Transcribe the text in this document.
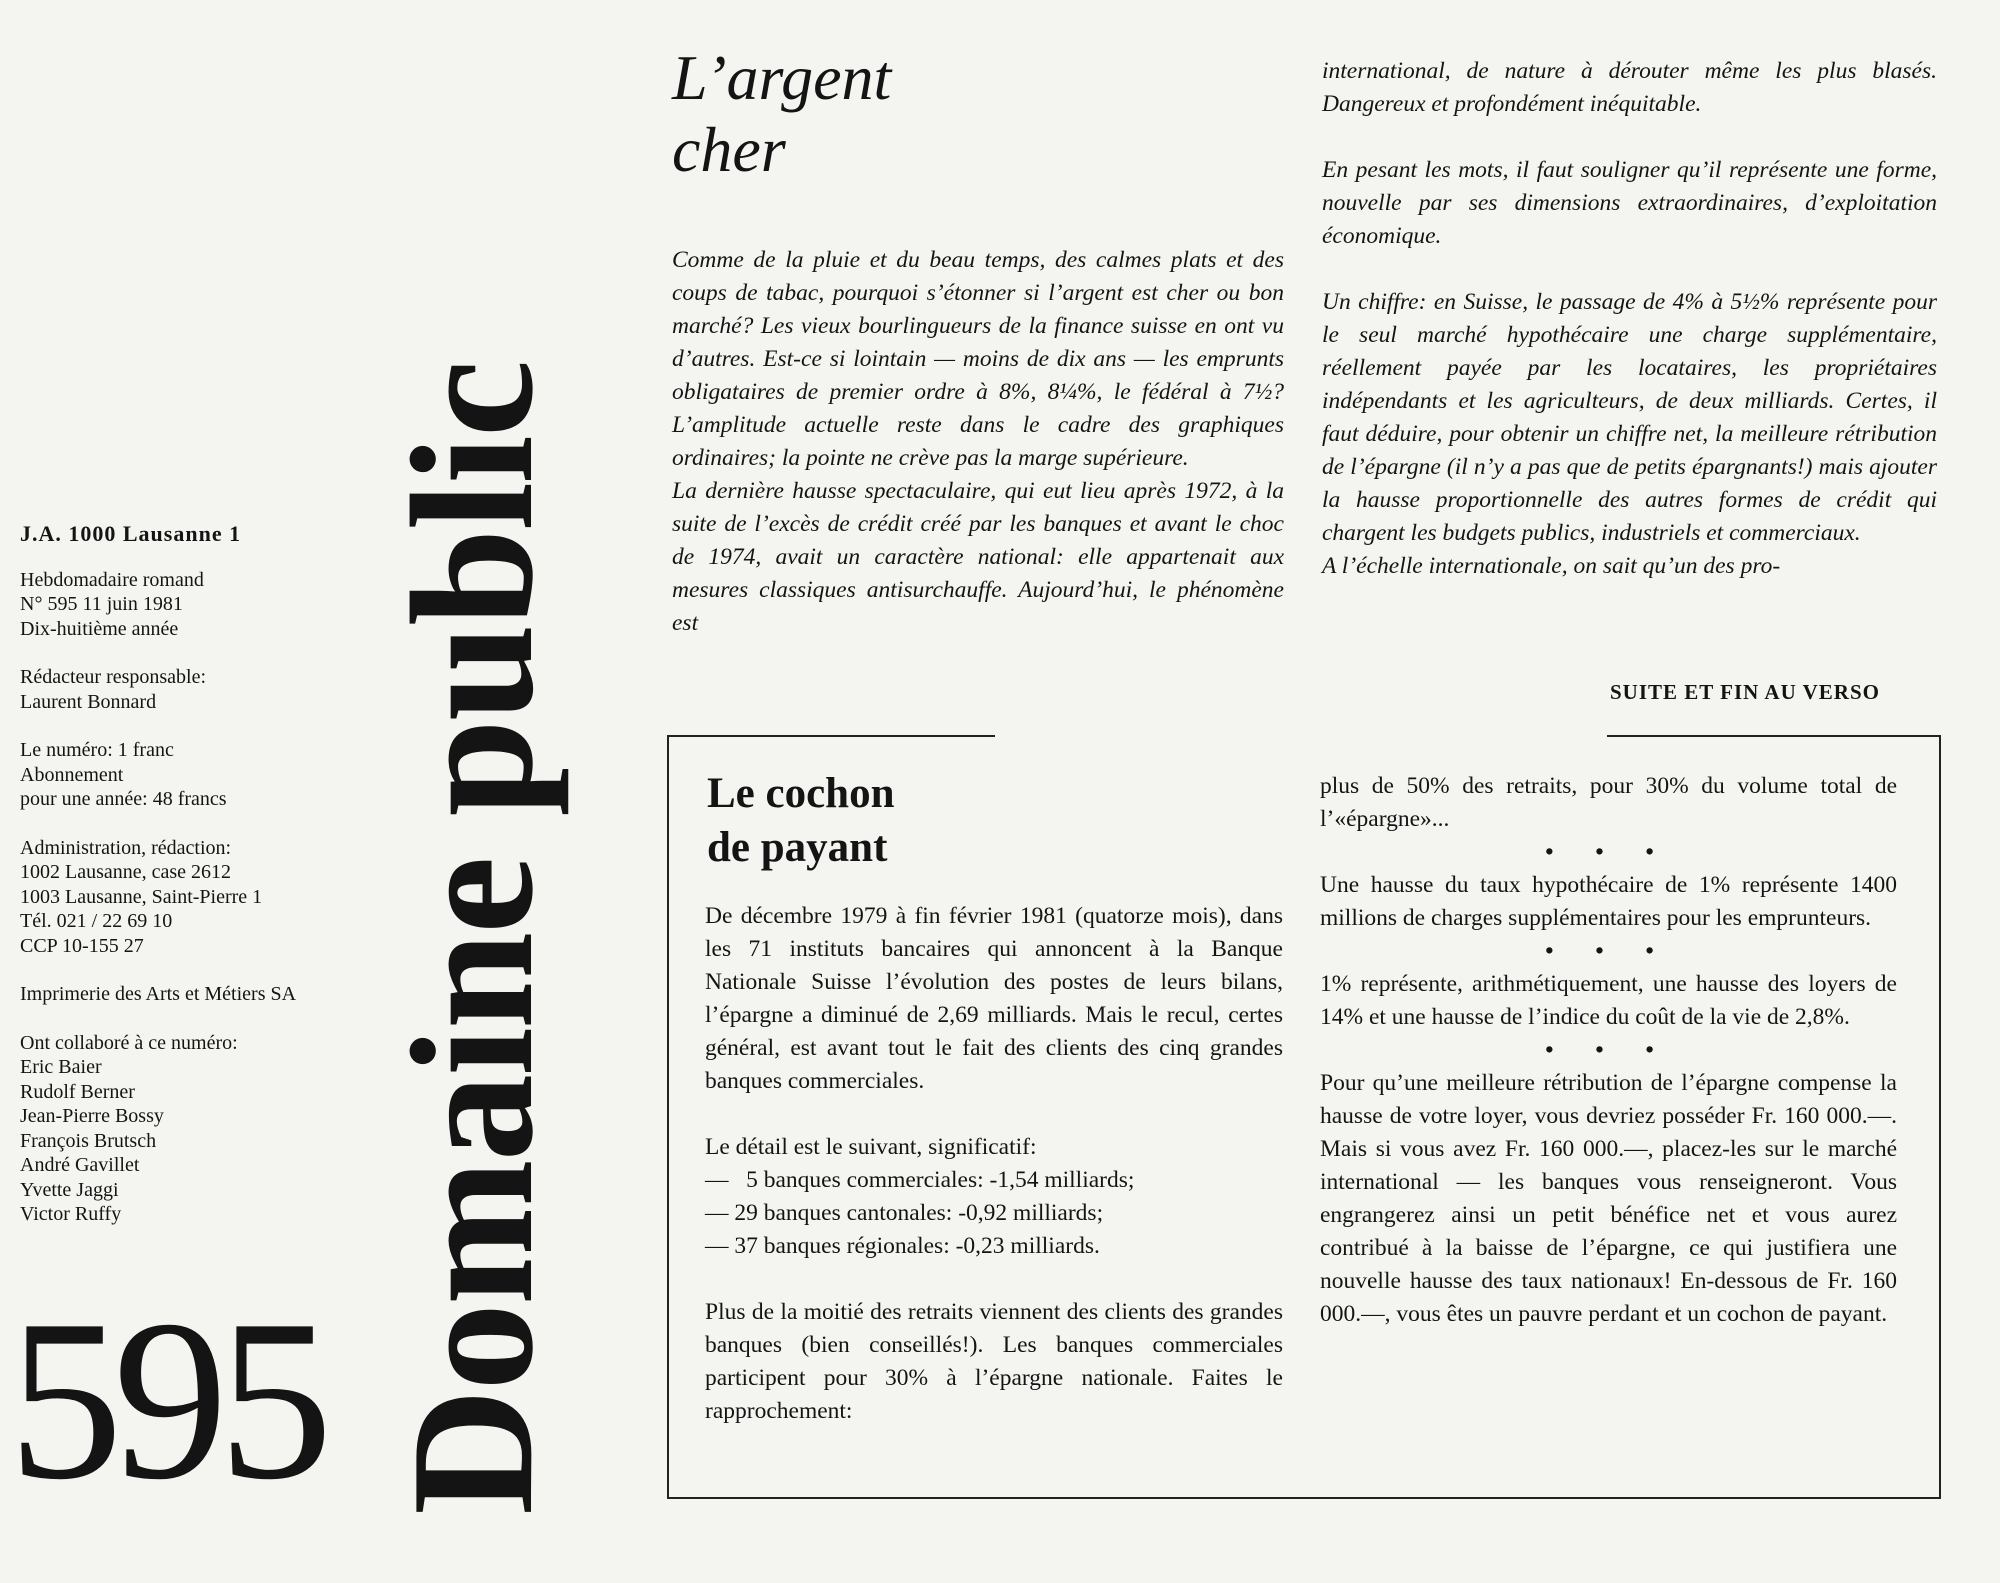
J.A. 1000 Lausanne 1

Hebdomadaire romand
N° 595 11 juin 1981
Dix-huitième année

Rédacteur responsable:
Laurent Bonnard

Le numéro: 1 franc
Abonnement
pour une année: 48 francs

Administration, rédaction:
1002 Lausanne, case 2612
1003 Lausanne, Saint-Pierre 1
Tél. 021 / 22 69 10
CCP 10-155 27

Imprimerie des Arts et Métiers SA

Ont collaboré à ce numéro:
Eric Baier
Rudolf Berner
Jean-Pierre Bossy
François Brutsch
André Gavillet
Yvette Jaggi
Victor Ruffy

595 Domaine public
L’argent
cher

Comme de la pluie et du beau temps, des calmes plats et des coups de tabac, pourquoi s’étonner si l’argent est cher ou bon marché? Les vieux bourlingueurs de la finance suisse en ont vu d’autres. Est-ce si lointain — moins de dix ans — les emprunts obligataires de premier ordre à 8%, 8¼%, le fédéral à 7½? L’amplitude actuelle reste dans le cadre des graphiques ordinaires; la pointe ne crève pas la marge supérieure.

La dernière hausse spectaculaire, qui eut lieu après 1972, à la suite de l’excès de crédit créé par les banques et avant le choc de 1974, avait un caractère national: elle appartenait aux mesures classiques antisurchauffe. Aujourd’hui, le phénomène est

international, de nature à dérouter même les plus blasés. Dangereux et profondément inéquitable.

En pesant les mots, il faut souligner qu’il représente une forme, nouvelle par ses dimensions extraordinaires, d’exploitation économique.

Un chiffre: en Suisse, le passage de 4% à 5½% représente pour le seul marché hypothécaire une charge supplémentaire, réellement payée par les locataires, les propriétaires indépendants et les agriculteurs, de deux milliards. Certes, il faut déduire, pour obtenir un chiffre net, la meilleure rétribution de l’épargne (il n’y a pas que de petits épargnants!) mais ajouter la hausse proportionnelle des autres formes de crédit qui chargent les budgets publics, industriels et commerciaux.

A l’échelle internationale, on sait qu’un des pro-

SUITE ET FIN AU VERSO
Le cochon
de payant

De décembre 1979 à fin février 1981 (quatorze mois), dans les 71 instituts bancaires qui annoncent à la Banque Nationale Suisse l’évolution des postes de leurs bilans, l’épargne a diminué de 2,69 milliards. Mais le recul, certes général, est avant tout le fait des clients des cinq grandes banques commerciales.

Le détail est le suivant, significatif:
—   5 banques commerciales: -1,54 milliards;
— 29 banques cantonales: -0,92 milliards;
— 37 banques régionales: -0,23 milliards.

Plus de la moitié des retraits viennent des clients des grandes banques (bien conseillés!). Les banques commerciales participent pour 30% à l’épargne nationale. Faites le rapprochement:

plus de 50% des retraits, pour 30% du volume total de l’«épargne»...

• • •

Une hausse du taux hypothécaire de 1% représente 1400 millions de charges supplémentaires pour les emprunteurs.

• • •

1% représente, arithmétiquement, une hausse des loyers de 14% et une hausse de l’indice du coût de la vie de 2,8%.

• • •

Pour qu’une meilleure rétribution de l’épargne compense la hausse de votre loyer, vous devriez posséder Fr. 160 000.—. Mais si vous avez Fr. 160 000.—, placez-les sur le marché international — les banques vous renseigneront. Vous engrangerez ainsi un petit bénéfice net et vous aurez contribué à la baisse de l’épargne, ce qui justifiera une nouvelle hausse des taux nationaux! En-dessous de Fr. 160 000.—, vous êtes un pauvre perdant et un cochon de payant.
